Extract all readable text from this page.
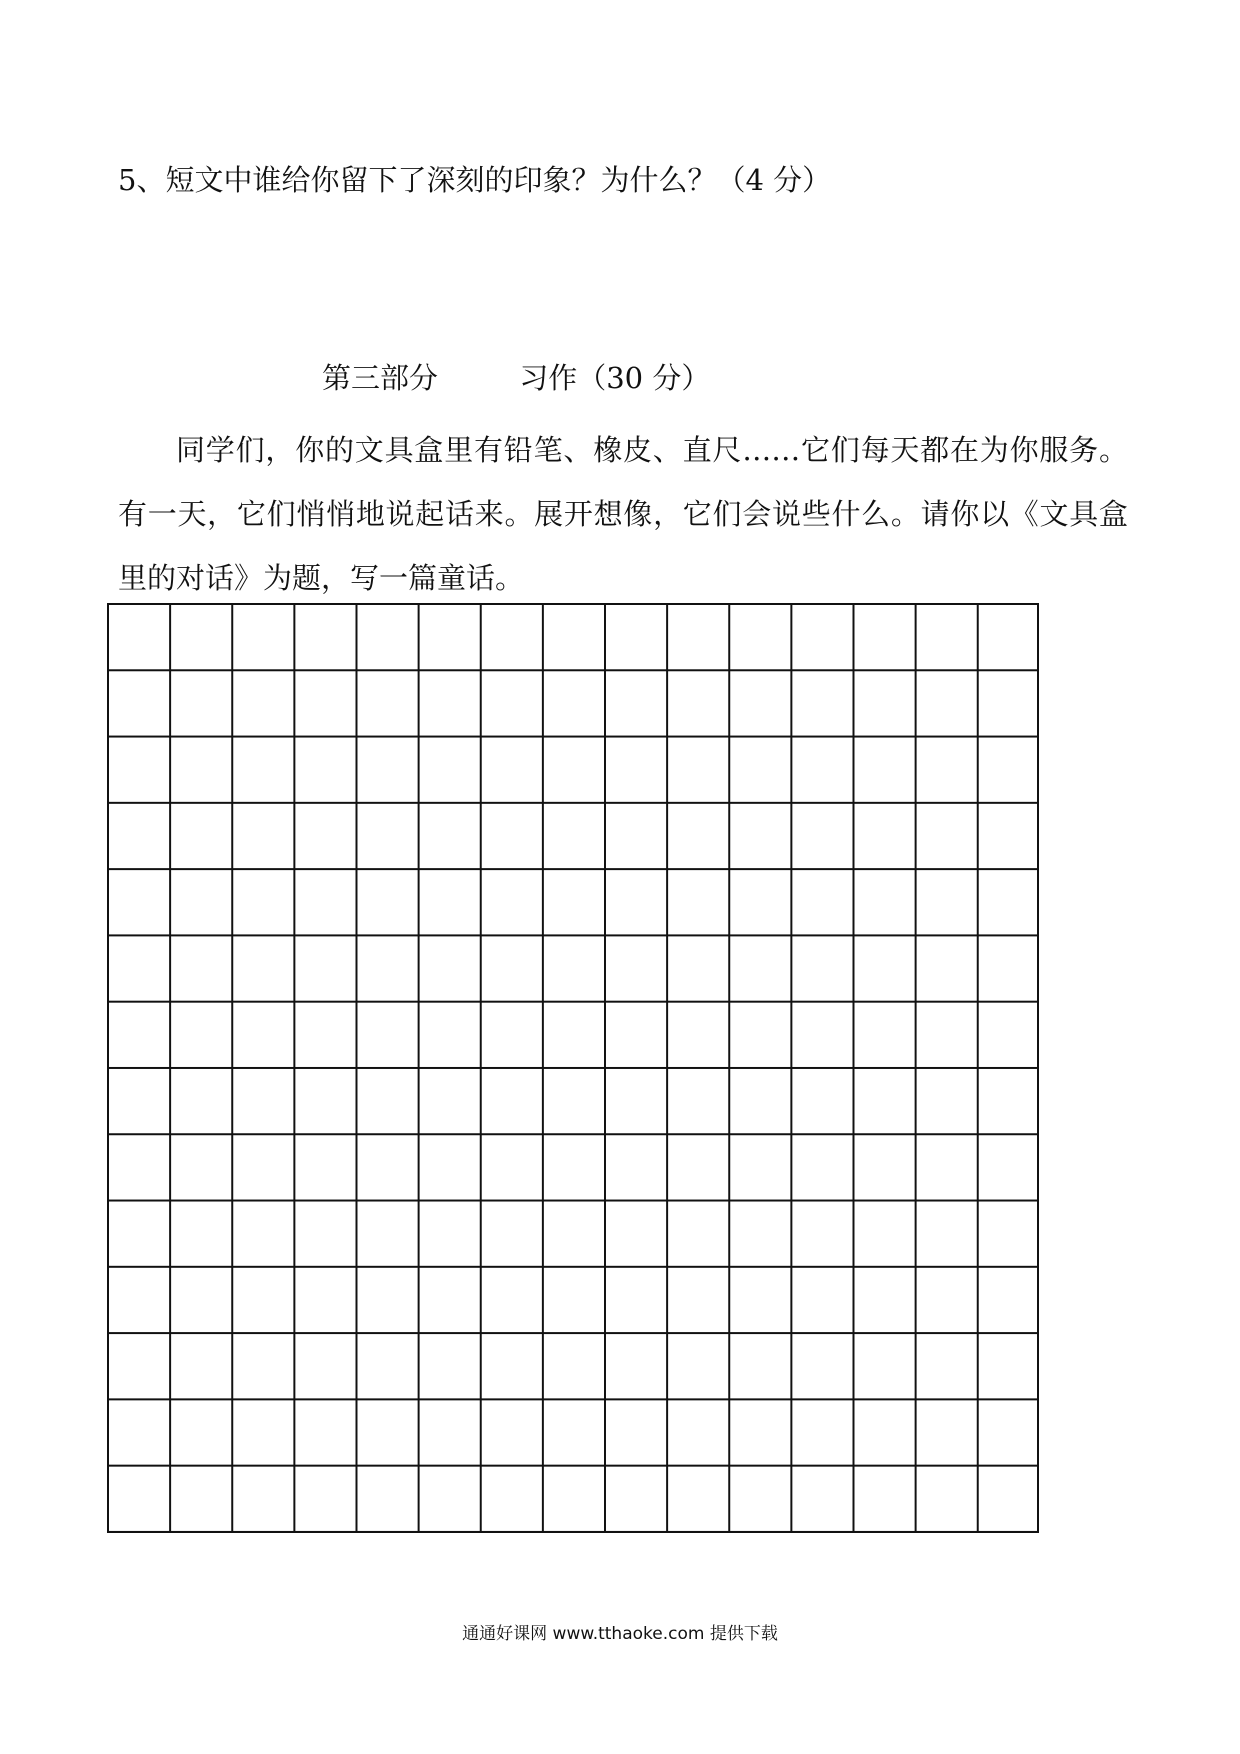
5、短文中谁给你留下了深刻的印象？为什么？（4 分）
第三部分	习作（30 分）
同学们，你的文具盒里有铅笔、橡皮、直尺……它们每天都在为你服务。有一天，它们悄悄地说起话来。展开想像，它们会说些什么。请你以《文具盒里的对话》为题，写一篇童话。
通通好课网 www.tthaoke.com 提供下载
